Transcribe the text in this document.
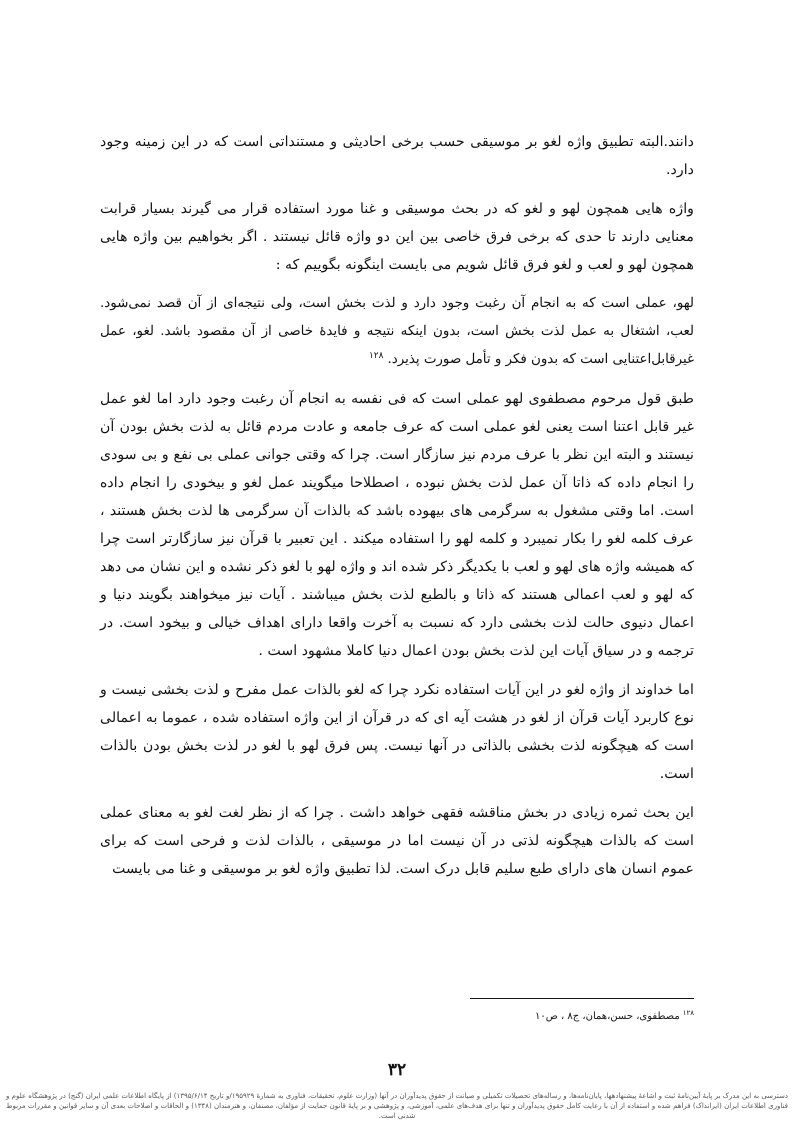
دانند.البته تطبیق واژه لغو بر موسیقی حسب برخی احادیثی و مستنداتی است که در این زمینه وجود دارد.

واژه هایی همچون لهو و لغو که در بحث موسیقی و غنا مورد استفاده قرار می گیرند بسیار قرابت معنایی دارند تا حدی که برخی فرق خاصی بین این دو واژه قائل نیستند . اگر بخواهیم بین واژه هایی همچون لهو و لعب و لغو فرق قائل شویم می بایست اینگونه بگوییم که :

لهو، عملی است که به انجام آن رغبت وجود دارد و لذت بخش است، ولی نتیجه‌ای از آن قصد نمی‌شود. لعب، اشتغال به عمل لذت بخش است، بدون اینکه نتیجه و فایدهٔ خاصی از آن مقصود باشد. لغو، عمل غیرقابل‌اعتنایی است که بدون فکر و تأمل صورت پذیرد.$^{۱۲۸}$

طبق قول مرحوم مصطفوی لهو عملی است که فی نفسه به انجام آن رغبت وجود دارد اما لغو عمل غیر قابل اعتنا است یعنی لغو عملی است که عرف جامعه و عادت مردم قائل به لذت بخش بودن آن نیستند و البته این نظر با عرف مردم نیز سازگار است. چرا که وقتی جوانی عملی بی نفع و بی سودی را انجام داده که ذاتا آن عمل لذت بخش نبوده ، اصطلاحا میگویند عمل لغو و بیخودی را انجام داده است. اما وقتی مشغول به سرگرمی های بیهوده باشد که بالذات آن سرگرمی ها لذت بخش هستند ، عرف کلمه لغو را بکار نمیبرد و کلمه لهو را استفاده میکند . این تعبیر با قرآن نیز سازگارتر است چرا که همیشه واژه های لهو و لعب با یکدیگر ذکر شده اند و واژه لهو با لغو ذکر نشده و این نشان می دهد که لهو و لعب اعمالی هستند که ذاتا و بالطبع لذت بخش میباشند . آیات نیز میخواهند بگویند دنیا و اعمال دنیوی حالت لذت بخشی دارد که نسبت به آخرت واقعا دارای اهداف خیالی و بیخود است. در ترجمه و در سیاق آیات این لذت بخش بودن اعمال دنیا کاملا مشهود است .

اما خداوند از واژه لغو در این آیات استفاده نکرد چرا که لغو بالذات عمل مفرح و لذت بخشی نیست و نوع کاربرد آیات قرآن از لغو در هشت آیه ای که در قرآن از این واژه استفاده شده ، عموما به اعمالی است که هیچگونه لذت بخشی بالذاتی در آنها نیست. پس فرق لهو با لغو در لذت بخش بودن بالذات است.

این بحث ثمره زیادی در بخش مناقشه فقهی خواهد داشت . چرا که از نظر لغت لغو به معنای عملی است که بالذات هیچگونه لذتی در آن نیست اما در موسیقی ، بالذات لذت و فرحی است که برای عموم انسان های دارای طبع سلیم قابل درک است. لذا تطبیق واژه لغو بر موسیقی و غنا می بایست

$^{۱۲۸}$مصطفوی، حسن،همان، ج۸ ، ص۱۰
۳۲
دسترسی به این مدرک بر پایهٔ آیین‌نامهٔ ثبت و اشاعهٔ پیشنهادهها، پایان‌نامه‌ها، و رساله‌های تحصیلات تکمیلی و صیانت از حقوق پدیدآوران در آنها (وزارت علوم، تحقیقات، فناوری به شمارهٔ ۱۹۵۹۲۹/و تاریخ ۱۳۹۵/۶/۱۴) از پایگاه اطلاعات علمی ایران (گنج) در پژوهشگاه علوم و فناوری اطلاعات ایران (ایرانداک) فراهم شده و استفاده از آن با رعایت کامل حقوق پدیدآوران و تنها برای هدف‌های علمی، آموزشی، و پژوهشی و بر پایهٔ قانون حمایت از مؤلفان، مصنفان، و هنرمندان (۱۳۴۸) و الحاقات و اصلاحات بعدی آن و سایر قوانین و مقررات مربوط شدنی است.
